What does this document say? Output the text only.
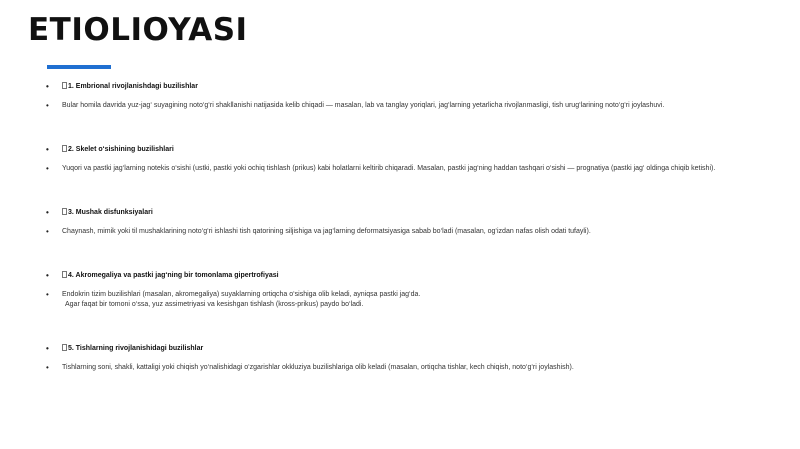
ETIOLIOYASI
• 1. Embrional rivojlanishdagi buzilishlar
• Bular homila davrida yuz-jag‘ suyagining noto‘g‘ri shakllanishi natijasida kelib chiqadi — masalan, lab va tanglay yoriqlari, jag‘larning yetarlicha rivojlanmasligi, tish urug‘larining noto‘g‘ri joylashuvi.
• 2. Skelet o‘sishining buzilishlari
• Yuqori va pastki jag‘larning notekis o‘sishi (ustki, pastki yoki ochiq tishlash (prikus) kabi holatlarni keltirib chiqaradi. Masalan, pastki jag‘ning haddan tashqari o‘sishi — prognatiya (pastki jag‘ oldinga chiqib ketishi).
• 3. Mushak disfunksiyalari
• Chaynash, mimik yoki til mushaklarining noto‘g‘ri ishlashi tish qatorining siljishiga va jag‘larning deformatsiyasiga sabab bo‘ladi (masalan, og‘izdan nafas olish odati tufayli).
• 4. Akromegaliya va pastki jag‘ning bir tomonlama gipertrofiyasi
• Endokrin tizim buzilishlari (masalan, akromegaliya) suyaklarning ortiqcha o‘sishiga olib keladi, ayniqsa pastki jag‘da.
Agar faqat bir tomoni o‘ssa, yuz assimetriyasi va kesishgan tishlash (kross-prikus) paydo bo‘ladi.
• 5. Tishlarning rivojlanishidagi buzilishlar
• Tishlarning soni, shakli, kattaligi yoki chiqish yo‘nalishidagi o‘zgarishlar okkluziya buzilishlariga olib keladi (masalan, ortiqcha tishlar, kech chiqish, noto‘g‘ri joylashish).
